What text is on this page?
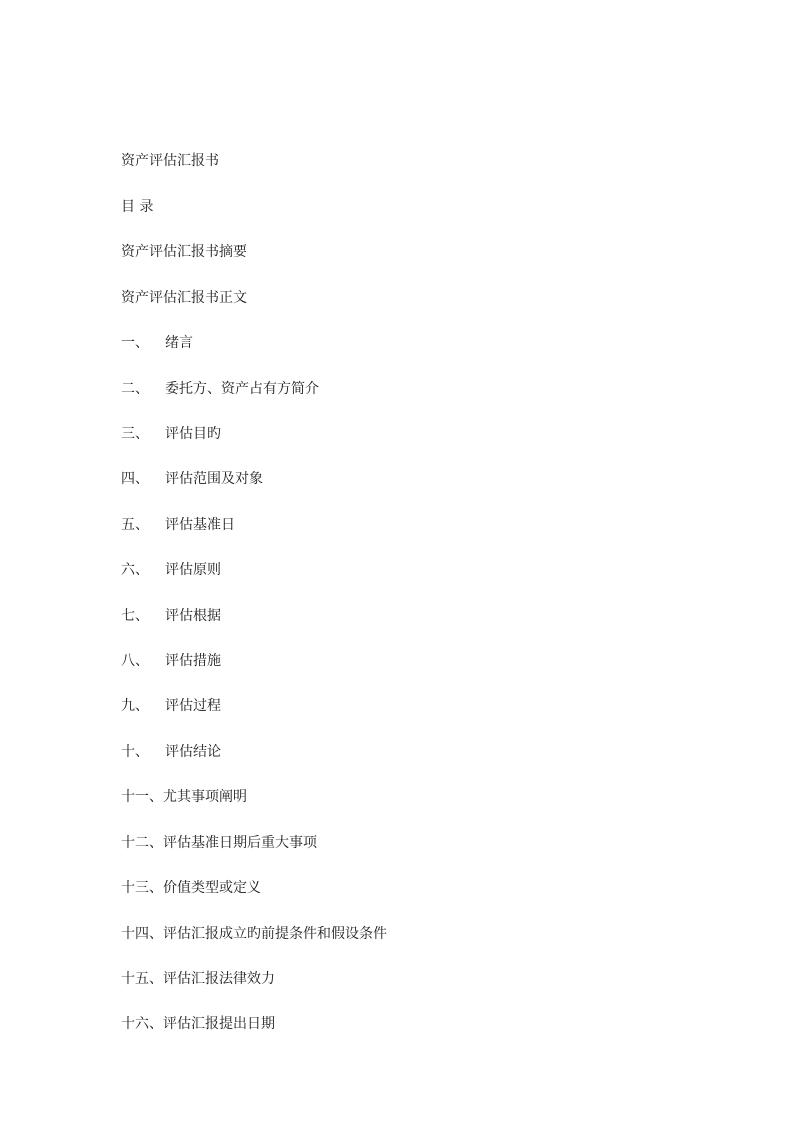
资产评估汇报书
目 录
资产评估汇报书摘要
资产评估汇报书正文
一、 绪言
二、 委托方、资产占有方简介
三、 评估目旳
四、 评估范围及对象
五、 评估基准日
六、 评估原则
七、 评估根据
八、 评估措施
九、 评估过程
十、 评估结论
十一、尤其事项阐明
十二、评估基准日期后重大事项
十三、价值类型或定义
十四、评估汇报成立旳前提条件和假设条件
十五、评估汇报法律效力
十六、评估汇报提出日期
